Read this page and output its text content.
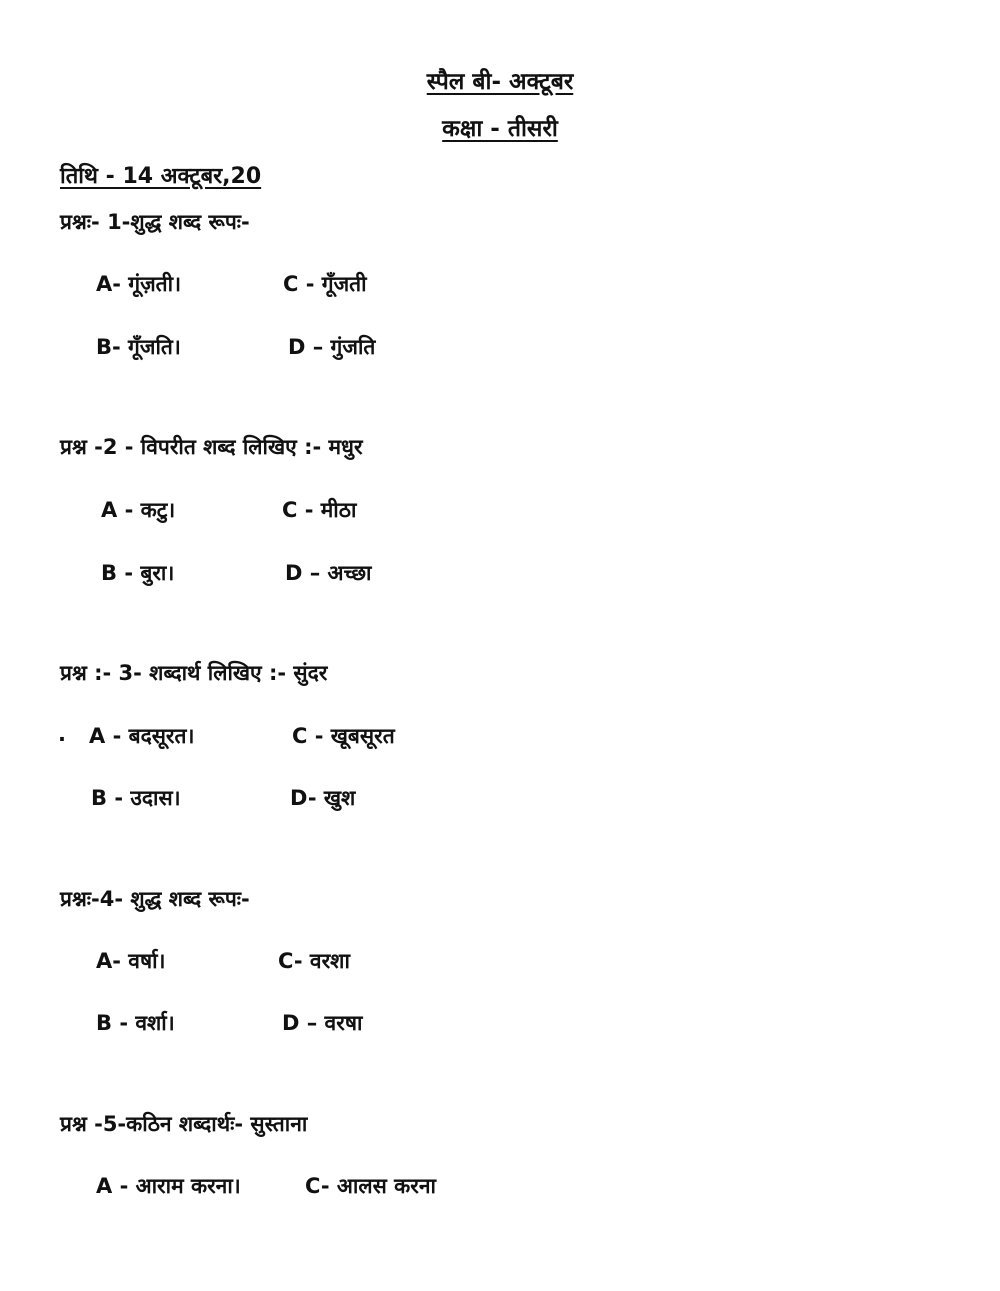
स्पैल बी- अक्टूबर
कक्षा - तीसरी
तिथि - 14 अक्टूबर,20
प्रश्नः- 1-शुद्ध शब्द रूपः-
A- गूंज़ती।	C - गूँजती
B- गूँजति।	D – गुंजति
प्रश्न -2 - विपरीत शब्द लिखिए :- मधुर
A - कटु।	C - मीठा
B - बुरा।	D – अच्छा
प्रश्न :- 3- शब्दार्थ लिखिए :- सुंदर
. A - बदसूरत।	C - खूबसूरत
B - उदास।	D- खुश
प्रश्नः-4- शुद्ध शब्द रूपः-
A- वर्षा।	C- वरशा
B - वर्शा।	D – वरषा
प्रश्न -5-कठिन शब्दार्थः- सुस्ताना
A - आराम करना।	C- आलस करना
